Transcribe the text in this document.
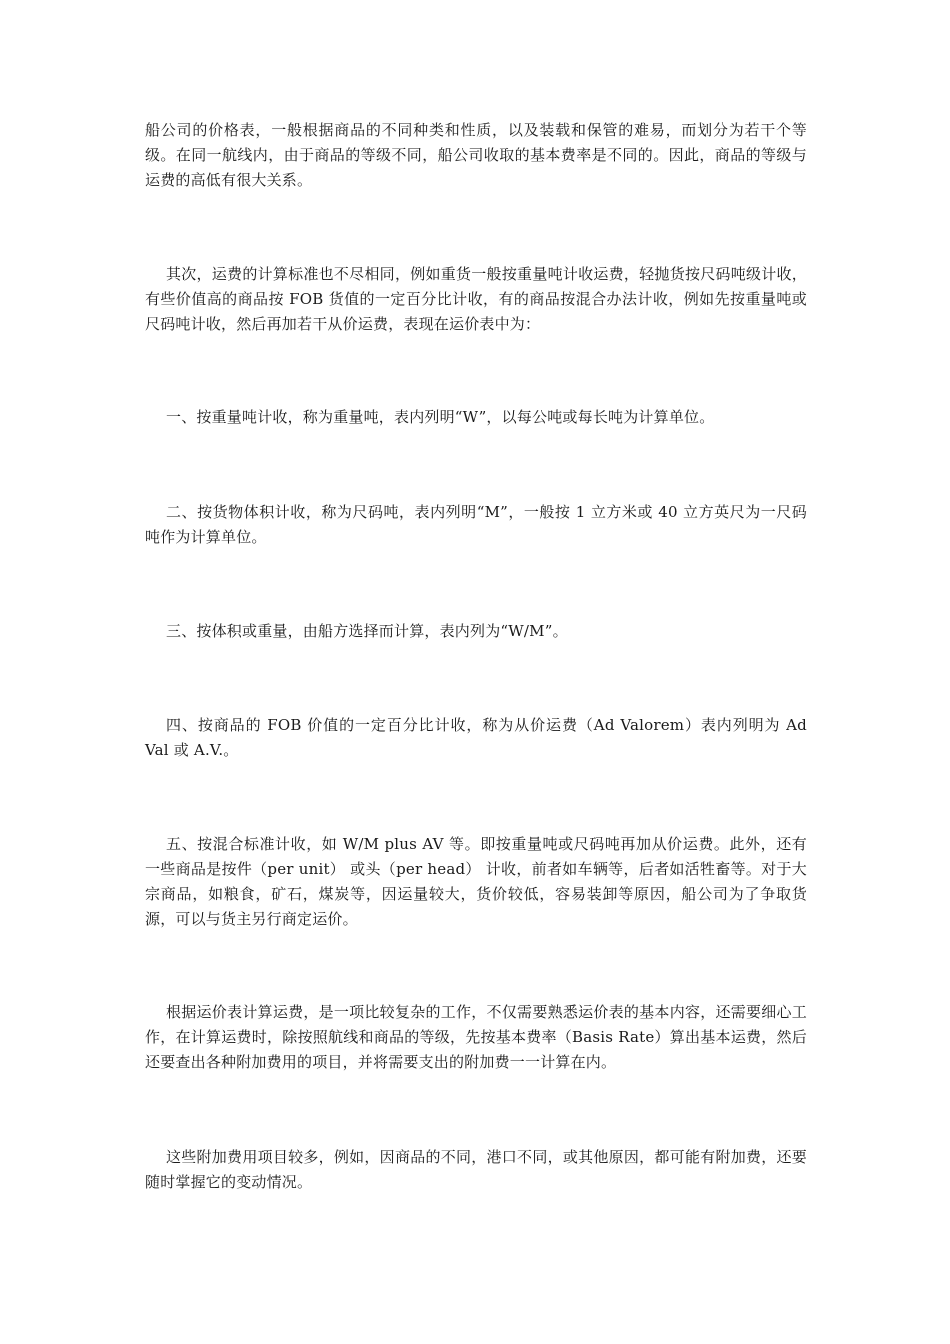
船公司的价格表，一般根据商品的不同种类和性质，以及装载和保管的难易，而划分为若干个等级。在同一航线内，由于商品的等级不同，船公司收取的基本费率是不同的。因此，商品的等级与运费的高低有很大关系。

其次，运费的计算标准也不尽相同，例如重货一般按重量吨计收运费，轻抛货按尺码吨级计收，有些价值高的商品按 FOB 货值的一定百分比计收，有的商品按混合办法计收，例如先按重量吨或尺码吨计收，然后再加若干从价运费，表现在运价表中为：

一、按重量吨计收，称为重量吨，表内列明“W”，以每公吨或每长吨为计算单位。

二、按货物体积计收，称为尺码吨，表内列明“M”，一般按 1 立方米或 40 立方英尺为一尺码吨作为计算单位。

三、按体积或重量，由船方选择而计算，表内列为“W/M”。

四、按商品的 FOB 价值的一定百分比计收，称为从价运费（Ad Valorem）表内列明为 Ad Val 或 A.V.。

五、按混合标准计收，如 W/M plus AV 等。即按重量吨或尺码吨再加从价运费。此外，还有一些商品是按件（per unit） 或头（per head） 计收，前者如车辆等，后者如活牲畜等。对于大宗商品，如粮食，矿石，煤炭等，因运量较大，货价较低，容易装卸等原因，船公司为了争取货源，可以与货主另行商定运价。

根据运价表计算运费，是一项比较复杂的工作，不仅需要熟悉运价表的基本内容，还需要细心工作，在计算运费时，除按照航线和商品的等级，先按基本费率（Basis Rate）算出基本运费，然后还要查出各种附加费用的项目，并将需要支出的附加费一一计算在内。

这些附加费用项目较多，例如，因商品的不同，港口不同，或其他原因，都可能有附加费，还要随时掌握它的变动情况。
